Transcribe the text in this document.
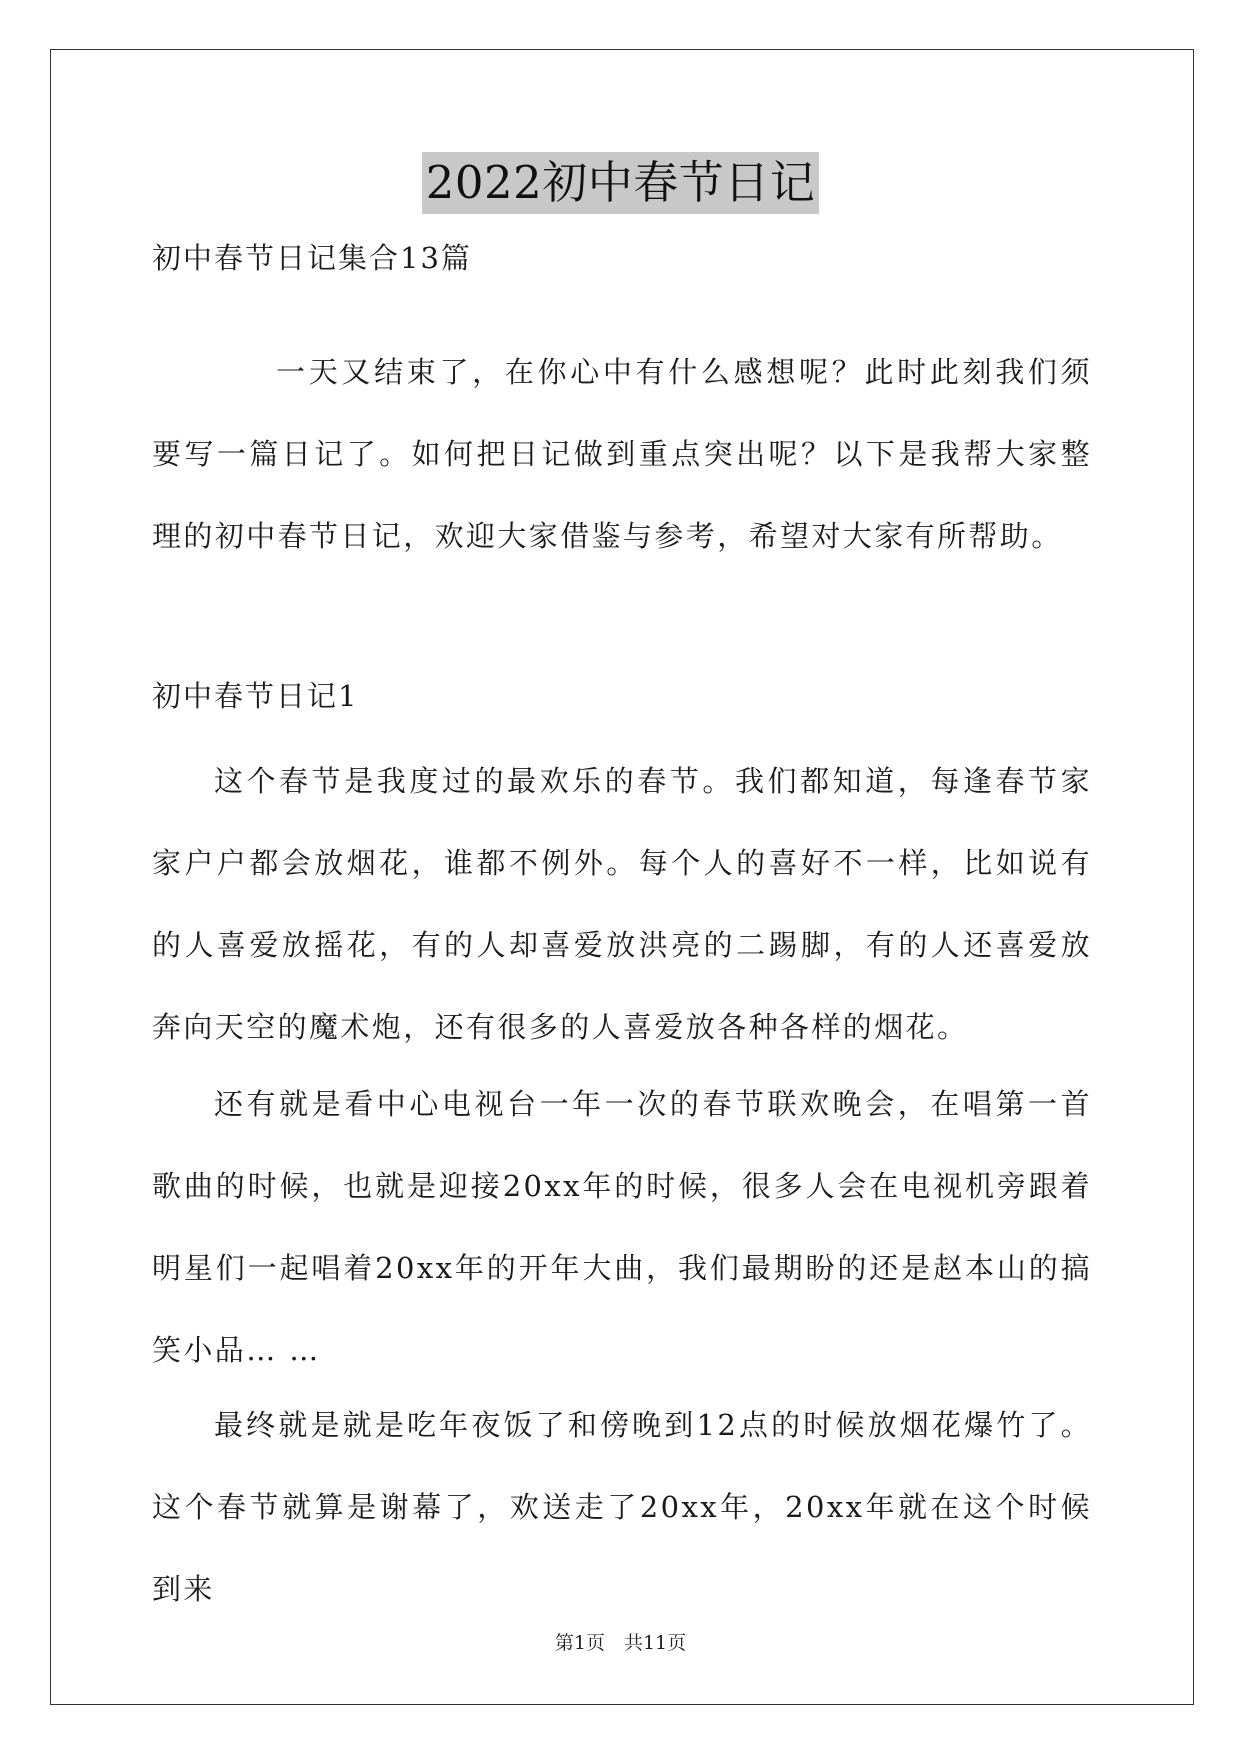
2022初中春节日记
初中春节日记集合13篇

一天又结束了，在你心中有什么感想呢？此时此刻我们须要写一篇日记了。如何把日记做到重点突出呢？以下是我帮大家整理的初中春节日记，欢迎大家借鉴与参考，希望对大家有所帮助。

初中春节日记1

这个春节是我度过的最欢乐的春节。我们都知道，每逢春节家家户户都会放烟花，谁都不例外。每个人的喜好不一样，比如说有的人喜爱放摇花，有的人却喜爱放洪亮的二踢脚，有的人还喜爱放奔向天空的魔术炮，还有很多的人喜爱放各种各样的烟花。

还有就是看中心电视台一年一次的春节联欢晚会，在唱第一首歌曲的时候，也就是迎接20xx年的时候，很多人会在电视机旁跟着明星们一起唱着20xx年的开年大曲，我们最期盼的还是赵本山的搞笑小品… …

最终就是就是吃年夜饭了和傍晚到12点的时候放烟花爆竹了。这个春节就算是谢幕了，欢送走了20xx年，20xx年就在这个时候到来

第1页　共11页
